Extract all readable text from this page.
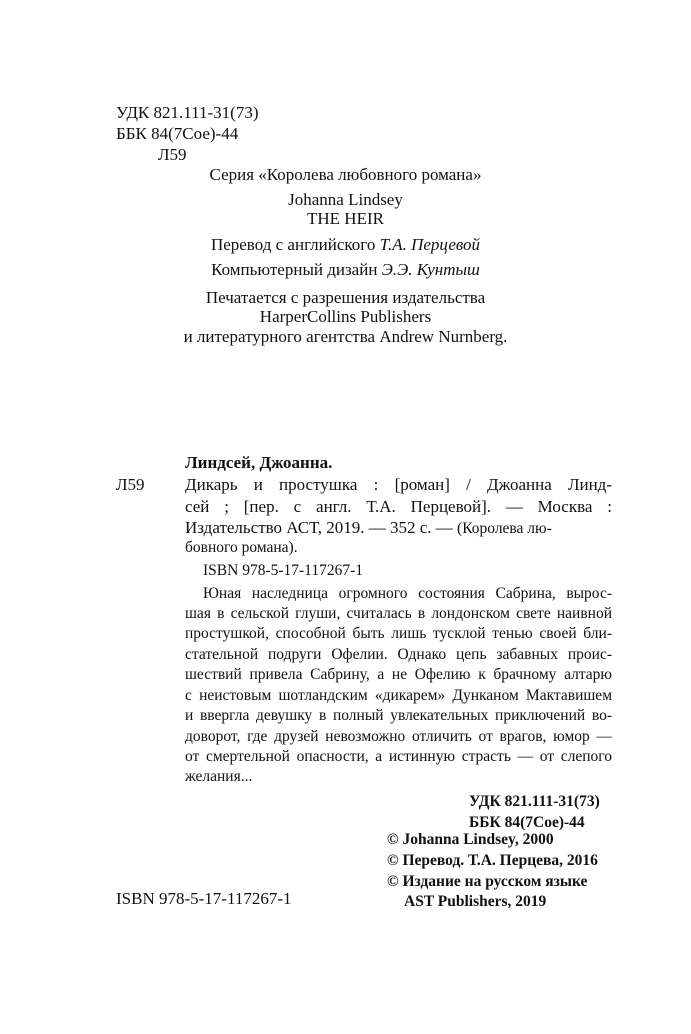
УДК 821.111-31(73)
ББК 84(7Сое)-44
Л59
Серия «Королева любовного романа»
Johanna Lindsey
THE HEIR
Перевод с английского Т.А. Перцевой
Компьютерный дизайн Э.Э. Кунтыш
Печатается с разрешения издательства
HarperCollins Publishers
и литературного агентства Andrew Nurnberg.
Линдсей, Джоанна.
Л59 Дикарь и простушка : [роман] / Джоанна Линд-
сей ; [пер. с англ. Т.А. Перцевой]. — Москва :
Издательство АСТ, 2019. — 352 с. — (Королева лю-
бовного романа).
ISBN 978-5-17-117267-1
Юная наследница огромного состояния Сабрина, вырос-
шая в сельской глуши, считалась в лондонском свете наивной
простушкой, способной быть лишь тусклой тенью своей бли-
стательной подруги Офелии. Однако цепь забавных проис-
шествий привела Сабрину, а не Офелию к брачному алтарю
с неистовым шотландским «дикарем» Дунканом Мактавишем
и ввергла девушку в полный увлекательных приключений во-
доворот, где друзей невозможно отличить от врагов, юмор —
от смертельной опасности, а истинную страсть — от слепого
желания...
УДК 821.111-31(73)
ББК 84(7Сое)-44
© Johanna Lindsey, 2000
© Перевод. Т.А. Перцева, 2016
© Издание на русском языке
AST Publishers, 2019
ISBN 978-5-17-117267-1
